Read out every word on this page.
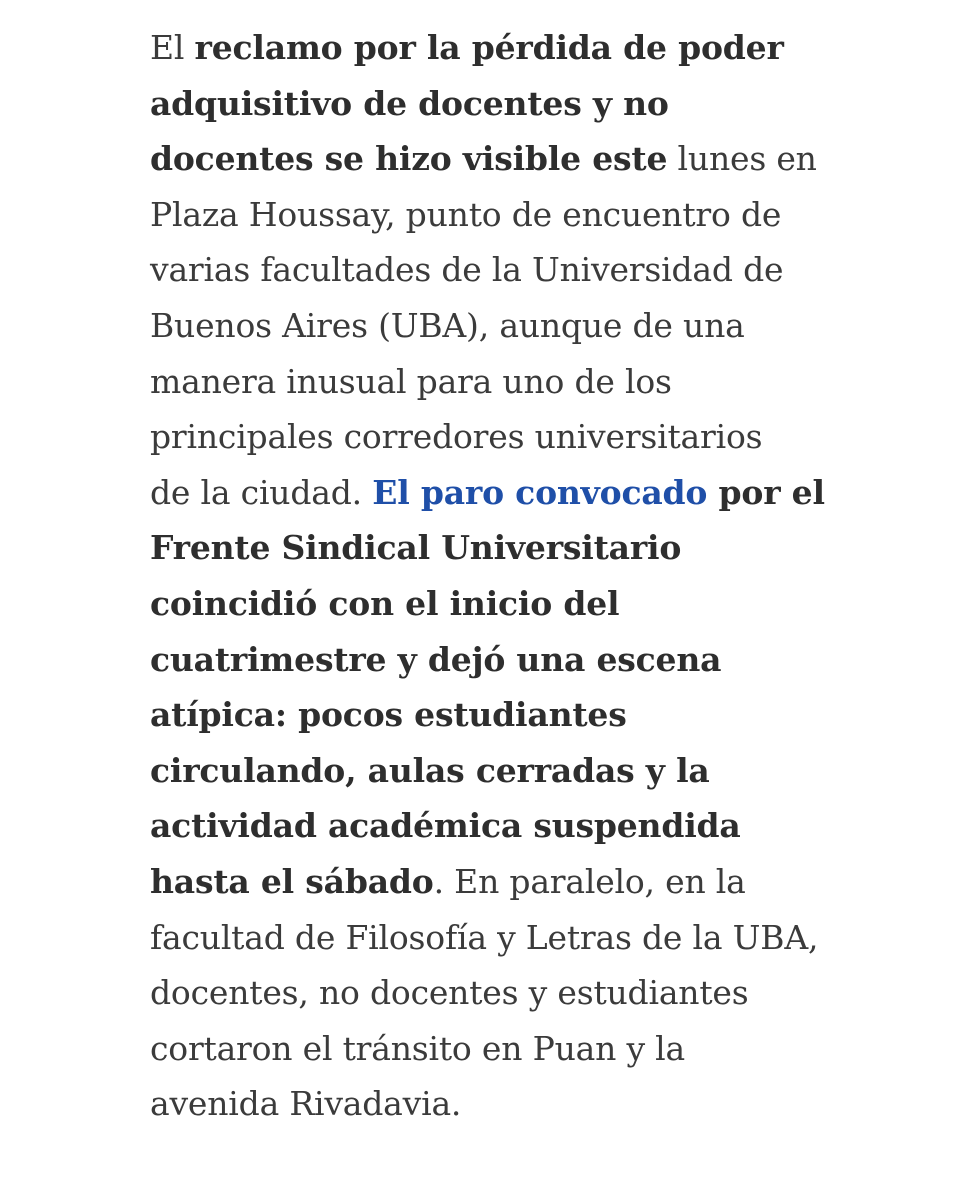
El reclamo por la pérdida de poder
adquisitivo de docentes y no
docentes se hizo visible este lunes en
Plaza Houssay, punto de encuentro de
varias facultades de la Universidad de
Buenos Aires (UBA), aunque de una
manera inusual para uno de los
principales corredores universitarios
de la ciudad. El paro convocado por el
Frente Sindical Universitario
coincidió con el inicio del
cuatrimestre y dejó una escena
atípica: pocos estudiantes
circulando, aulas cerradas y la
actividad académica suspendida
hasta el sábado. En paralelo, en la
facultad de Filosofía y Letras de la UBA,
docentes, no docentes y estudiantes
cortaron el tránsito en Puan y la
avenida Rivadavia.
